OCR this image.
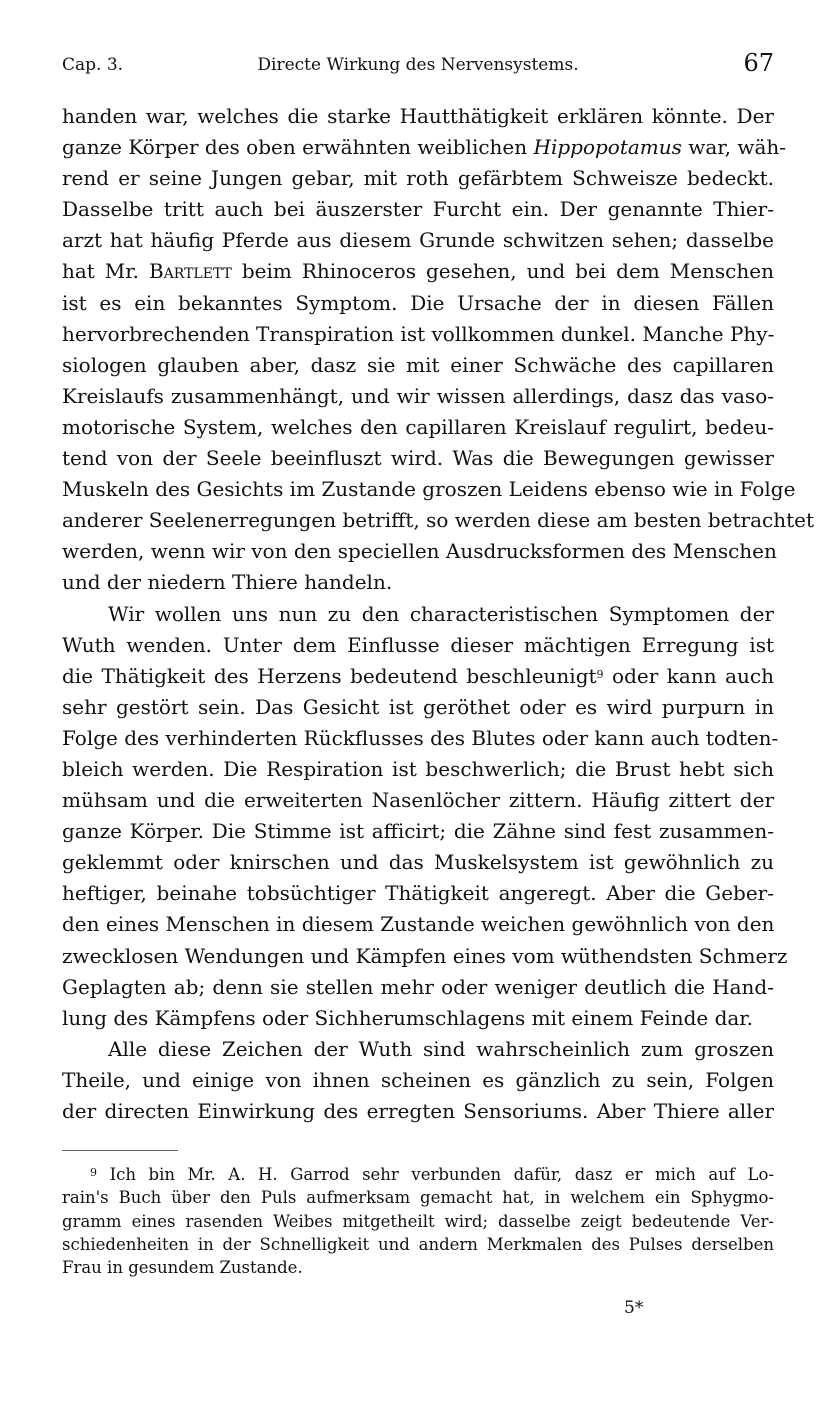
Cap. 3.	Directe Wirkung des Nervensystems.	67
handen war, welches die starke Hautthätigkeit erklären könnte. Der
ganze Körper des oben erwähnten weiblichen Hippopotamus war, wäh-
rend er seine Jungen gebar, mit roth gefärbtem Schweisze bedeckt.
Dasselbe tritt auch bei äuszerster Furcht ein. Der genannte Thier-
arzt hat häufig Pferde aus diesem Grunde schwitzen sehen; dasselbe
hat Mr. Bartlett beim Rhinoceros gesehen, und bei dem Menschen
ist es ein bekanntes Symptom. Die Ursache der in diesen Fällen
hervorbrechenden Transpiration ist vollkommen dunkel. Manche Phy-
siologen glauben aber, dasz sie mit einer Schwäche des capillaren
Kreislaufs zusammenhängt, und wir wissen allerdings, dasz das vaso-
motorische System, welches den capillaren Kreislauf regulirt, bedeu-
tend von der Seele beeinfluszt wird. Was die Bewegungen gewisser
Muskeln des Gesichts im Zustande groszen Leidens ebenso wie in Folge
anderer Seelenerregungen betrifft, so werden diese am besten betrachtet
werden, wenn wir von den speciellen Ausdrucksformen des Menschen
und der niedern Thiere handeln.
Wir wollen uns nun zu den characteristischen Symptomen der
Wuth wenden. Unter dem Einflusse dieser mächtigen Erregung ist
die Thätigkeit des Herzens bedeutend beschleunigt$^9$ oder kann auch
sehr gestört sein. Das Gesicht ist geröthet oder es wird purpurn in
Folge des verhinderten Rückflusses des Blutes oder kann auch todten-
bleich werden. Die Respiration ist beschwerlich; die Brust hebt sich
mühsam und die erweiterten Nasenlöcher zittern. Häufig zittert der
ganze Körper. Die Stimme ist afficirt; die Zähne sind fest zusammen-
geklemmt oder knirschen und das Muskelsystem ist gewöhnlich zu
heftiger, beinahe tobsüchtiger Thätigkeit angeregt. Aber die Geber-
den eines Menschen in diesem Zustande weichen gewöhnlich von den
zwecklosen Wendungen und Kämpfen eines vom wüthendsten Schmerz
Geplagten ab; denn sie stellen mehr oder weniger deutlich die Hand-
lung des Kämpfens oder Sichherumschlagens mit einem Feinde dar.
Alle diese Zeichen der Wuth sind wahrscheinlich zum groszen
Theile, und einige von ihnen scheinen es gänzlich zu sein, Folgen
der directen Einwirkung des erregten Sensoriums. Aber Thiere aller
$^9$ Ich bin Mr. A. H. Garrod sehr verbunden dafür, dasz er mich auf Lo-
rain's Buch über den Puls aufmerksam gemacht hat, in welchem ein Sphygmo-
gramm eines rasenden Weibes mitgetheilt wird; dasselbe zeigt bedeutende Ver-
schiedenheiten in der Schnelligkeit und andern Merkmalen des Pulses derselben
Frau in gesundem Zustande.
5*
